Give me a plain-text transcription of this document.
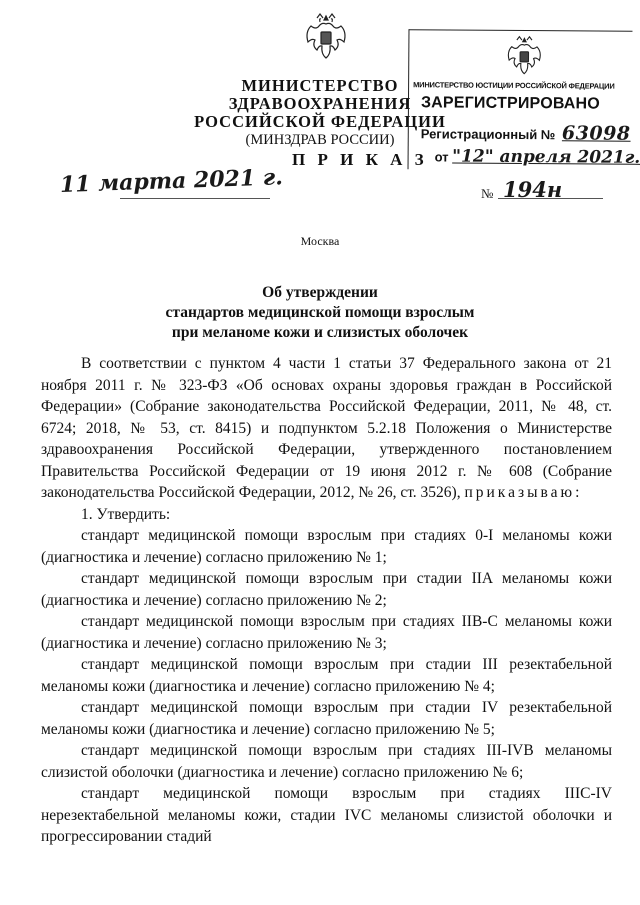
МИНИСТЕРСТВО ЗДРАВООХРАНЕНИЯ
РОССИЙСКОЙ ФЕДЕРАЦИИ
(МИНЗДРАВ РОССИИ)
МИНИСТЕРСТВО ЮСТИЦИИ РОССИЙСКОЙ ФЕДЕРАЦИИ
ЗАРЕГИСТРИРОВАНО
Регистрационный № 63098
от "12" апреля 2021г.
П Р И К А З
11 марта 2021 г.	№ 194н
Москва
Об утверждении
стандартов медицинской помощи взрослым
при меланоме кожи и слизистых оболочек

В соответствии с пунктом 4 части 1 статьи 37 Федерального закона от 21 ноября 2011 г. № 323-ФЗ «Об основах охраны здоровья граждан в Российской Федерации» (Собрание законодательства Российской Федерации, 2011, № 48, ст. 6724; 2018, № 53, ст. 8415) и подпунктом 5.2.18 Положения о Министерстве здравоохранения Российской Федерации, утвержденного постановлением Правительства Российской Федерации от 19 июня 2012 г. № 608 (Собрание законодательства Российской Федерации, 2012, № 26, ст. 3526), приказываю:

1. Утвердить:

стандарт медицинской помощи взрослым при стадиях 0-I меланомы кожи (диагностика и лечение) согласно приложению № 1;

стандарт медицинской помощи взрослым при стадии IIA меланомы кожи (диагностика и лечение) согласно приложению № 2;

стандарт медицинской помощи взрослым при стадиях IIB-C меланомы кожи (диагностика и лечение) согласно приложению № 3;

стандарт медицинской помощи взрослым при стадии III резектабельной меланомы кожи (диагностика и лечение) согласно приложению № 4;

стандарт медицинской помощи взрослым при стадии IV резектабельной меланомы кожи (диагностика и лечение) согласно приложению № 5;

стандарт медицинской помощи взрослым при стадиях III-IVB меланомы слизистой оболочки (диагностика и лечение) согласно приложению № 6;

стандарт медицинской помощи взрослым при стадиях IIIC-IV нерезектабельной меланомы кожи, стадии IVC меланомы слизистой оболочки и прогрессировании стадий
